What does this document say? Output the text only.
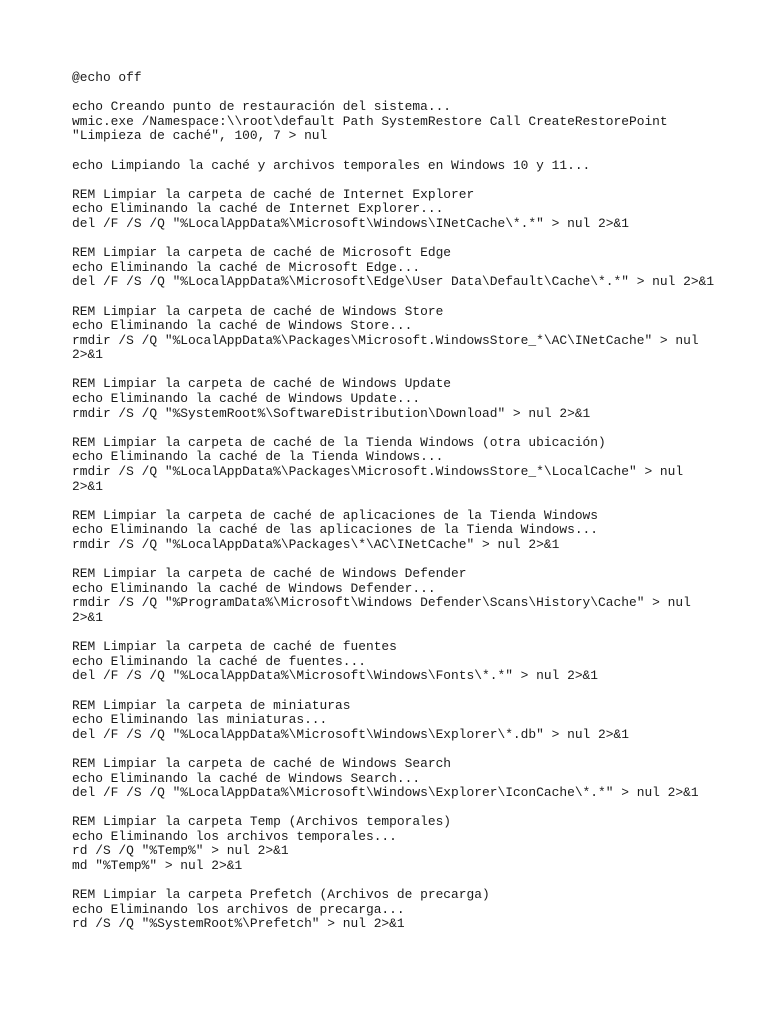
@echo off
echo Creando punto de restauración del sistema...
wmic.exe /Namespace:\\root\default Path SystemRestore Call CreateRestorePoint
"Limpieza de caché", 100, 7 > nul
echo Limpiando la caché y archivos temporales en Windows 10 y 11...
REM Limpiar la carpeta de caché de Internet Explorer
echo Eliminando la caché de Internet Explorer...
del /F /S /Q "%LocalAppData%\Microsoft\Windows\INetCache\*.*" > nul 2>&1
REM Limpiar la carpeta de caché de Microsoft Edge
echo Eliminando la caché de Microsoft Edge...
del /F /S /Q "%LocalAppData%\Microsoft\Edge\User Data\Default\Cache\*.*" > nul 2>&1
REM Limpiar la carpeta de caché de Windows Store
echo Eliminando la caché de Windows Store...
rmdir /S /Q "%LocalAppData%\Packages\Microsoft.WindowsStore_*\AC\INetCache" > nul
2>&1
REM Limpiar la carpeta de caché de Windows Update
echo Eliminando la caché de Windows Update...
rmdir /S /Q "%SystemRoot%\SoftwareDistribution\Download" > nul 2>&1
REM Limpiar la carpeta de caché de la Tienda Windows (otra ubicación)
echo Eliminando la caché de la Tienda Windows...
rmdir /S /Q "%LocalAppData%\Packages\Microsoft.WindowsStore_*\LocalCache" > nul
2>&1
REM Limpiar la carpeta de caché de aplicaciones de la Tienda Windows
echo Eliminando la caché de las aplicaciones de la Tienda Windows...
rmdir /S /Q "%LocalAppData%\Packages\*\AC\INetCache" > nul 2>&1
REM Limpiar la carpeta de caché de Windows Defender
echo Eliminando la caché de Windows Defender...
rmdir /S /Q "%ProgramData%\Microsoft\Windows Defender\Scans\History\Cache" > nul
2>&1
REM Limpiar la carpeta de caché de fuentes
echo Eliminando la caché de fuentes...
del /F /S /Q "%LocalAppData%\Microsoft\Windows\Fonts\*.*" > nul 2>&1
REM Limpiar la carpeta de miniaturas
echo Eliminando las miniaturas...
del /F /S /Q "%LocalAppData%\Microsoft\Windows\Explorer\*.db" > nul 2>&1
REM Limpiar la carpeta de caché de Windows Search
echo Eliminando la caché de Windows Search...
del /F /S /Q "%LocalAppData%\Microsoft\Windows\Explorer\IconCache\*.*" > nul 2>&1
REM Limpiar la carpeta Temp (Archivos temporales)
echo Eliminando los archivos temporales...
rd /S /Q "%Temp%" > nul 2>&1
md "%Temp%" > nul 2>&1
REM Limpiar la carpeta Prefetch (Archivos de precarga)
echo Eliminando los archivos de precarga...
rd /S /Q "%SystemRoot%\Prefetch" > nul 2>&1
